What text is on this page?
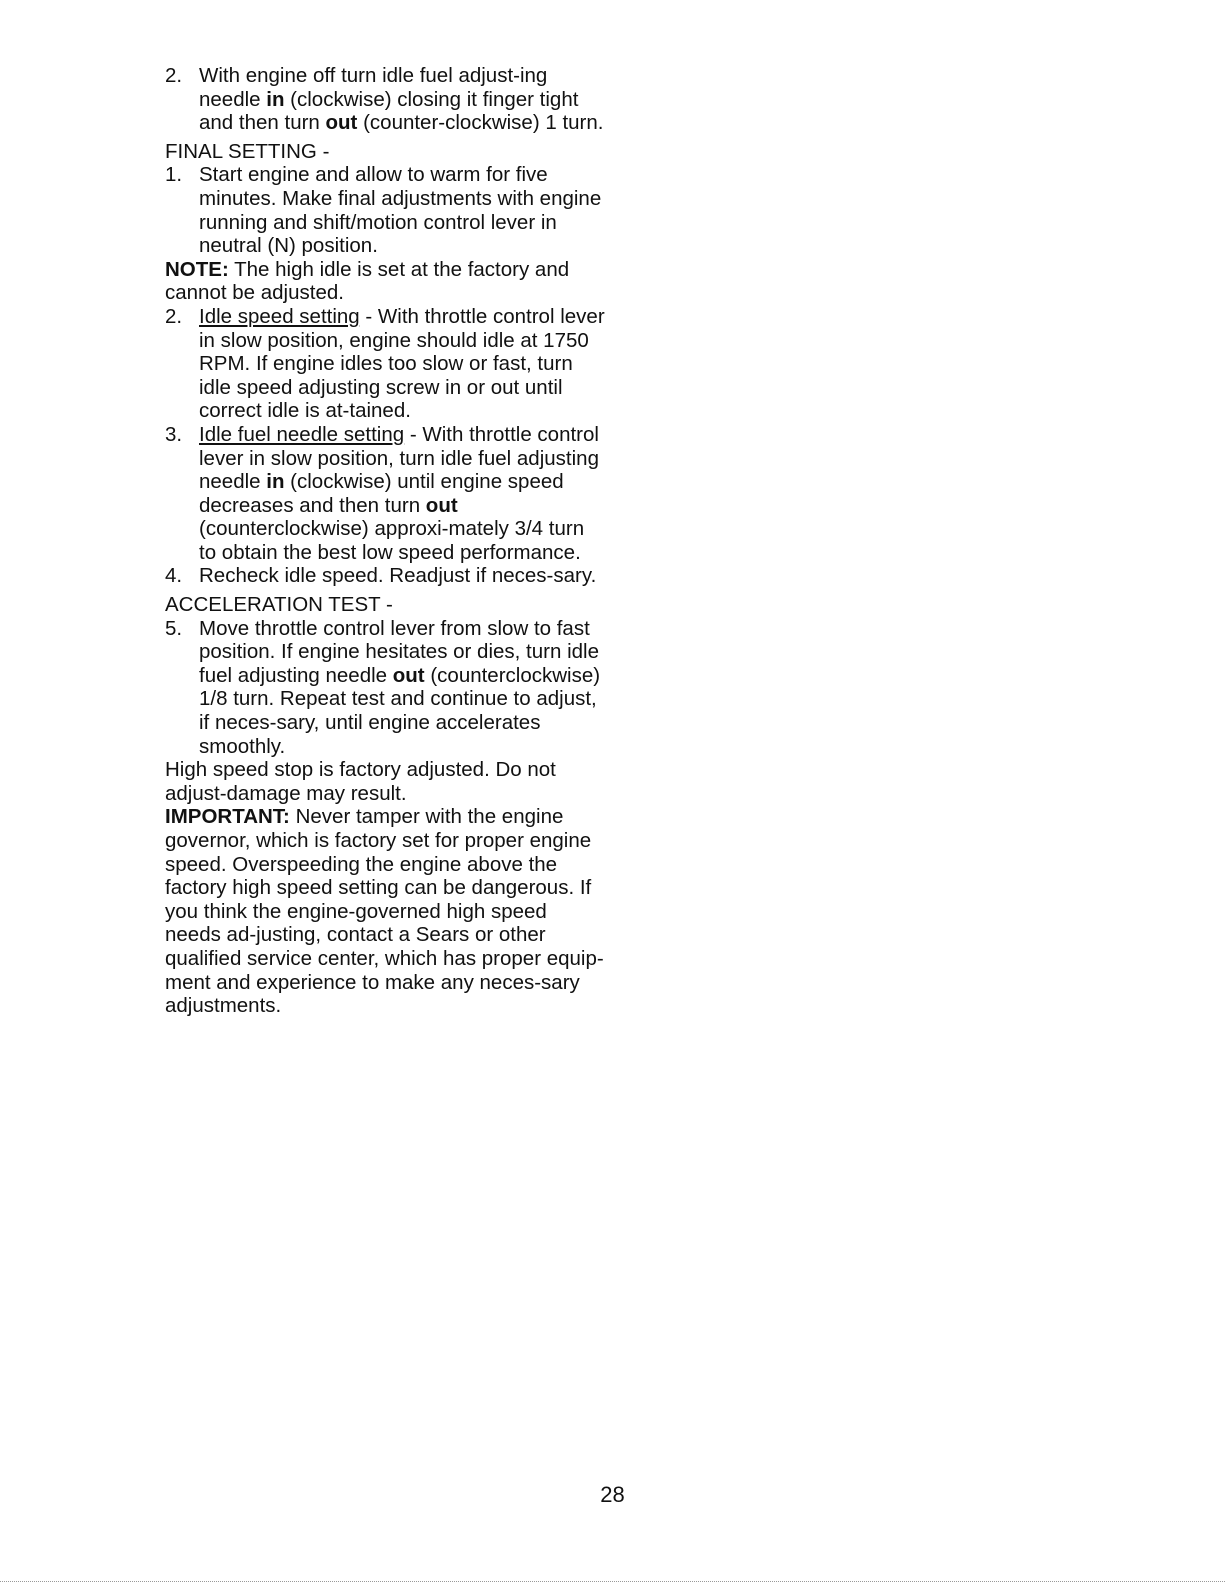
2. With engine off turn idle fuel adjust-ing needle in (clockwise) closing it finger tight and then turn out (counter-clockwise) 1 turn.
FINAL SETTING -
1. Start engine and allow to warm for five minutes. Make final adjustments with engine running and shift/motion control lever in neutral (N) position.
NOTE: The high idle is set at the factory and cannot be adjusted.
2. Idle speed setting - With throttle control lever in slow position, engine should idle at 1750 RPM. If engine idles too slow or fast, turn idle speed adjusting screw in or out until correct idle is at-tained.
3. Idle fuel needle setting - With throttle control lever in slow position, turn idle fuel adjusting needle in (clockwise) until engine speed decreases and then turn out (counterclockwise) approxi-mately 3/4 turn to obtain the best low speed performance.
4. Recheck idle speed. Readjust if neces-sary.
ACCELERATION TEST -
5. Move throttle control lever from slow to fast position. If engine hesitates or dies, turn idle fuel adjusting needle out (counterclockwise) 1/8 turn. Repeat test and continue to adjust, if neces-sary, until engine accelerates smoothly.
High speed stop is factory adjusted. Do not adjust-damage may result.
IMPORTANT: Never tamper with the engine governor, which is factory set for proper engine speed. Overspeeding the engine above the factory high speed setting can be dangerous. If you think the engine-governed high speed needs ad-justing, contact a Sears or other qualified service center, which has proper equip-ment and experience to make any neces-sary adjustments.
28
